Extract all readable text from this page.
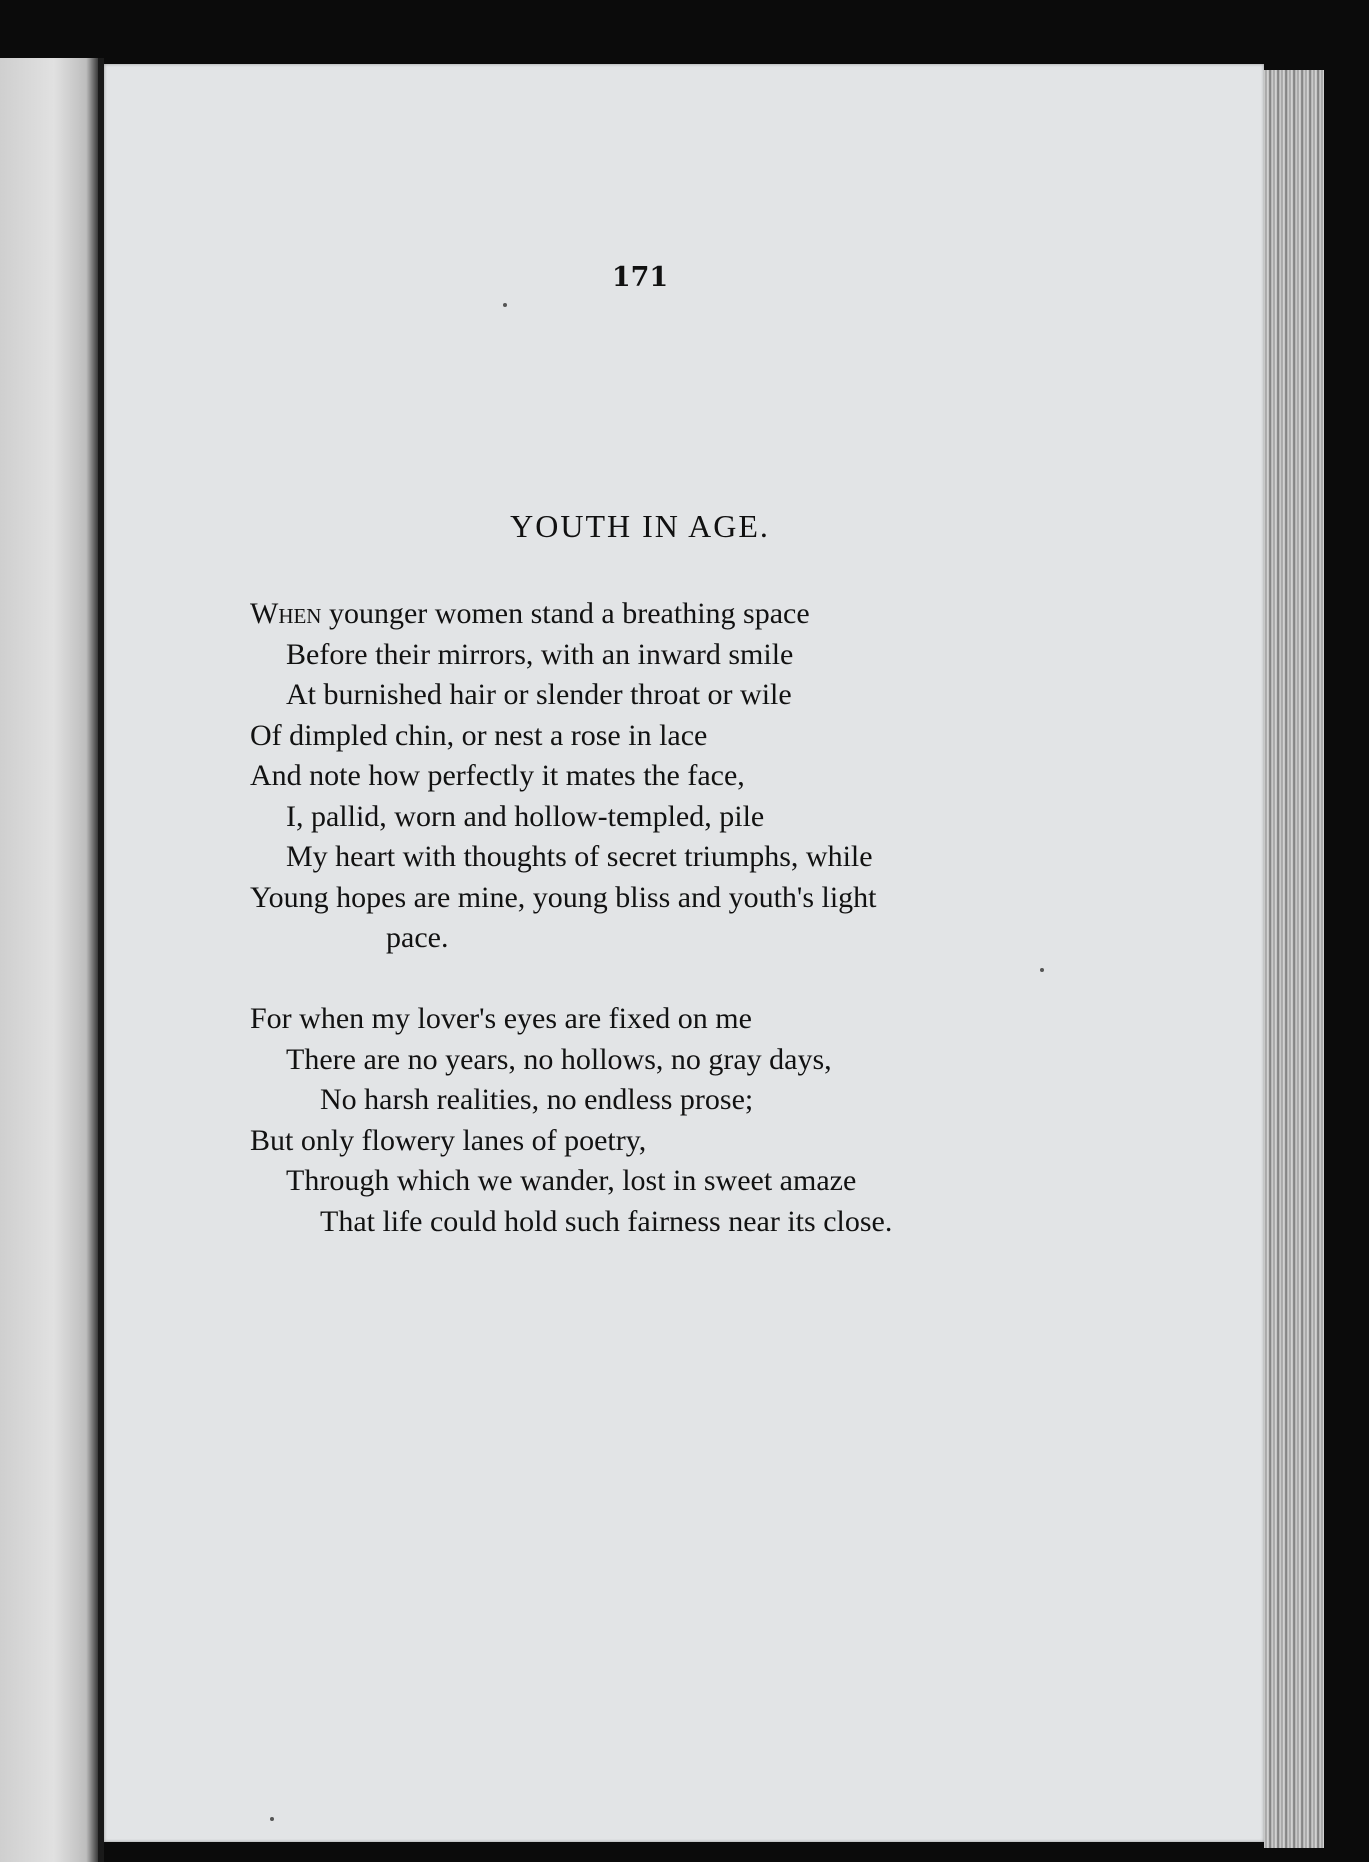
171
YOUTH IN AGE.
When younger women stand a breathing space
Before their mirrors, with an inward smile
At burnished hair or slender throat or wile
Of dimpled chin, or nest a rose in lace
And note how perfectly it mates the face,
I, pallid, worn and hollow-templed, pile
My heart with thoughts of secret triumphs, while
Young hopes are mine, young bliss and youth's light
pace.
For when my lover's eyes are fixed on me
There are no years, no hollows, no gray days,
No harsh realities, no endless prose;
But only flowery lanes of poetry,
Through which we wander, lost in sweet amaze
That life could hold such fairness near its close.
